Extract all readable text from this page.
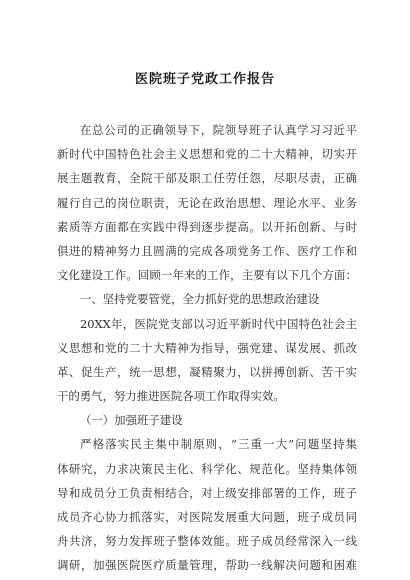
医院班子党政工作报告
在总公司的正确领导下，院领导班子认真学习习近平
新时代中国特色社会主义思想和党的二十大精神，切实开
展主题教育，全院干部及职工任劳任怨，尽职尽责，正确
履行自己的岗位职责，无论在政治思想、理论水平、业务
素质等方面都在实践中得到逐步提高。以开拓创新、与时
俱进的精神努力且圆满的完成各项党务工作、医疗工作和
文化建设工作。回顾一年来的工作，主要有以下几个方面：
一、坚持党要管党，全力抓好党的思想政治建设
20XX年，医院党支部以习近平新时代中国特色社会主
义思想和党的二十大精神为指导，强党建、谋发展、抓改
革、促生产，统一思想，凝精聚力，以拼搏创新、苦干实
干的勇气，努力推进医院各项工作取得实效。
（一）加强班子建设
严格落实民主集中制原则，“三重一大”问题坚持集
体研究，力求决策民主化、科学化、规范化。坚持集体领
导和成员分工负责相结合，对上级安排部署的工作，班子
成员齐心协力抓落实，对医院发展重大问题，班子成员同
舟共济，努力发挥班子整体效能。班子成员经常深入一线
调研，加强医院医疗质量管理，帮助一线解决问题和困难
